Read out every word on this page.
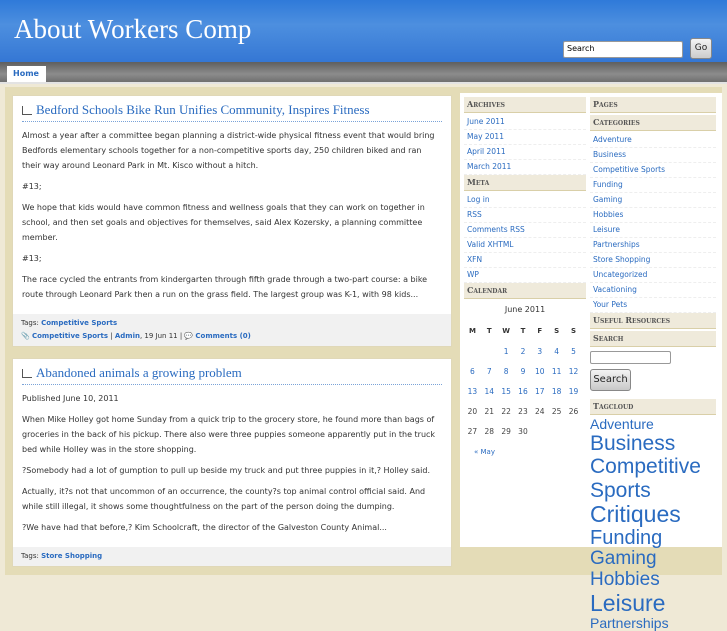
About Workers Comp
Search	Go
Home
Bedford Schools Bike Run Unifies Community, Inspires Fitness

Almost a year after a committee began planning a district-wide physical fitness event that would bring Bedfords elementary schools together for a non-competitive sports day, 250 children biked and ran their way around Leonard Park in Mt. Kisco without a hitch.

#13;

We hope that kids would have common fitness and wellness goals that they can work on together in school, and then set goals and objectives for themselves, said Alex Kozersky, a planning committee member.

#13;

The race cycled the entrants from kindergarten through fifth grade through a two-part course: a bike route through Leonard Park then a run on the grass field. The largest group was K-1, with 98 kids...

Tags: Competitive Sports
📎 Competitive Sports | Admin, 19 Jun 11 | 💬 Comments (0)
Abandoned animals a growing problem

Published June 10, 2011

When Mike Holley got home Sunday from a quick trip to the grocery store, he found more than bags of groceries in the back of his pickup. There also were three puppies someone apparently put in the truck bed while Holley was in the store shopping.

?Somebody had a lot of gumption to pull up beside my truck and put three puppies in it,? Holley said.

Actually, it?s not that uncommon of an occurrence, the county?s top animal control official said. And while still illegal, it shows some thoughtfulness on the part of the person doing the dumping.

?We have had that before,? Kim Schoolcraft, the director of the Galveston County Animal...

Tags: Store Shopping
Archives
June 2011
May 2011
April 2011
March 2011
Meta
Log in
RSS
Comments RSS
Valid XHTML
XFN
WP
Calendar
June 2011
M	T	W	T	F	S	S
		1	2	3	4	5
6	7	8	9	10	11	12
13	14	15	16	17	18	19
20	21	22	23	24	25	26
27	28	29	30			
« May
Pages
Categories
Adventure
Business
Competitive Sports
Funding
Gaming
Hobbies
Leisure
Partnerships
Store Shopping
Uncategorized
Vacationing
Your Pets
Useful Resources
Search
Search
Tagcloud
Adventure
Business
Competitive Sports
Critiques
Funding
Gaming
Hobbies
Leisure
Partnerships
